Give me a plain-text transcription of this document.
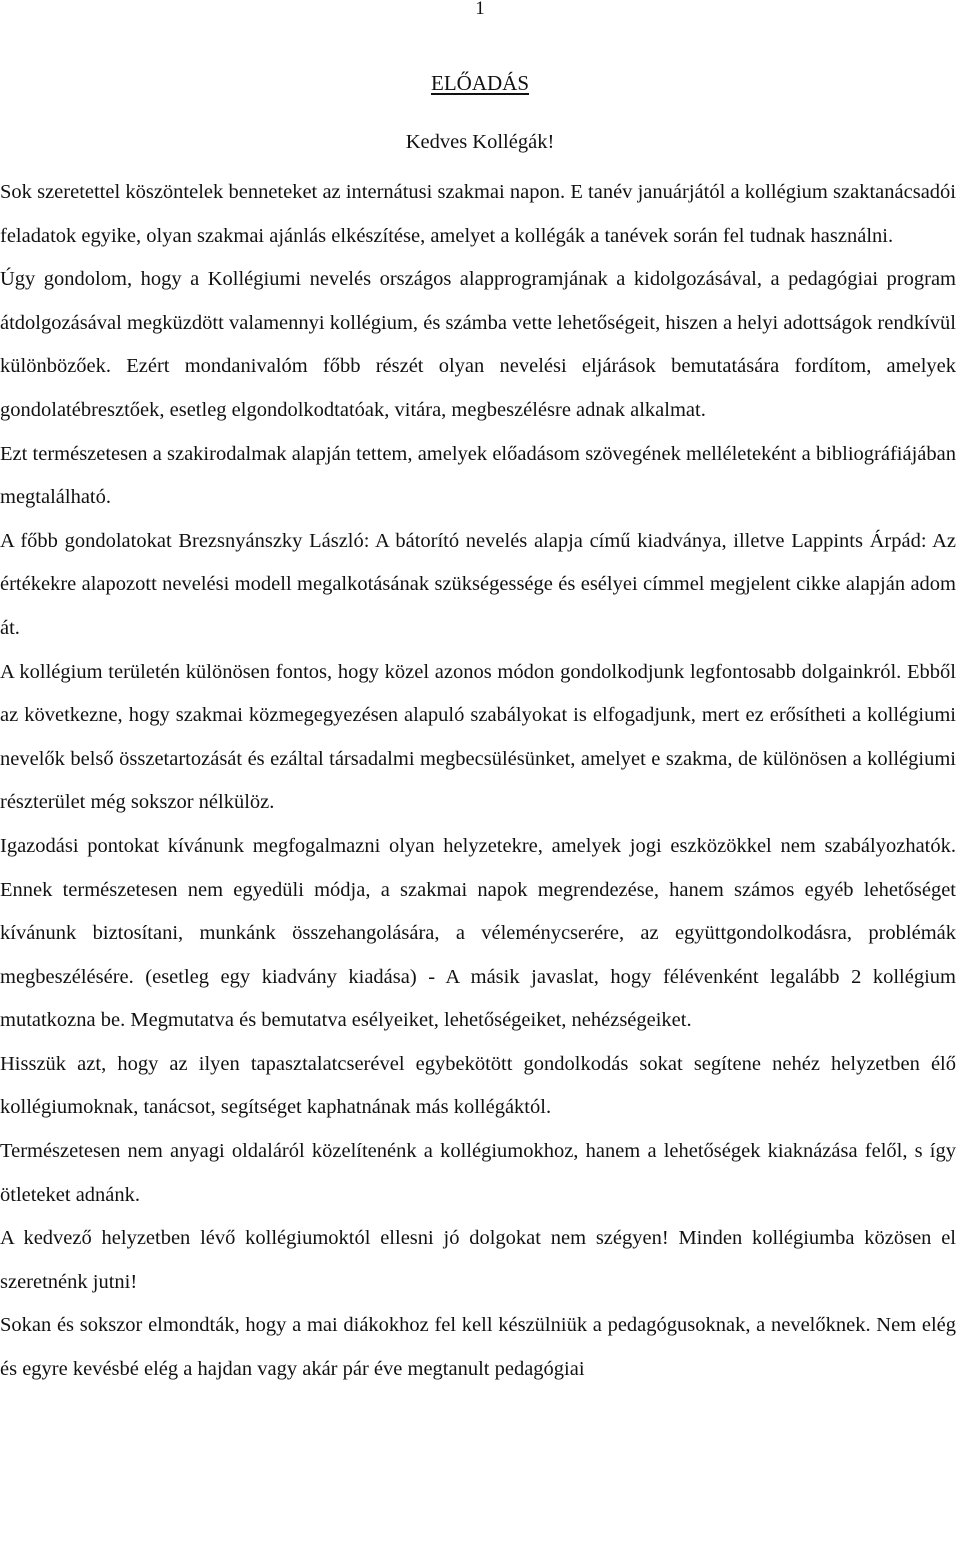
1
ELŐADÁS
Kedves Kollégák!

Sok szeretettel köszöntelek benneteket az internátusi szakmai napon. E tanév januárjától a kollégium szaktanácsadói feladatok egyike, olyan szakmai ajánlás elkészítése, amelyet a kollégák a tanévek során fel tudnak használni.

Úgy gondolom, hogy a Kollégiumi nevelés országos alapprogramjának a kidolgozásával, a pedagógiai program átdolgozásával megküzdött valamennyi kollégium, és számba vette lehetőségeit, hiszen a helyi adottságok rendkívül különbözőek. Ezért mondanivalóm főbb részét olyan nevelési eljárások bemutatására fordítom, amelyek gondolatébresztőek, esetleg elgondolkodtatóak, vitára, megbeszélésre adnak alkalmat.

Ezt természetesen a szakirodalmak alapján tettem, amelyek előadásom szövegének melléleteként a bibliográfiájában megtalálható.

A főbb gondolatokat Brezsnyánszky László: A bátorító nevelés alapja című kiadványa, illetve Lappints Árpád: Az értékekre alapozott nevelési modell megalkotásának szükségessége és esélyei címmel megjelent cikke alapján adom át.

A kollégium területén különösen fontos, hogy közel azonos módon gondolkodjunk legfontosabb dolgainkról. Ebből az következne, hogy szakmai közmegegyezésen alapuló szabályokat is elfogadjunk, mert ez erősítheti a kollégiumi nevelők belső összetartozását és ezáltal társadalmi megbecsülésünket, amelyet e szakma, de különösen a kollégiumi részterület még sokszor nélkülöz.

Igazodási pontokat kívánunk megfogalmazni olyan helyzetekre, amelyek jogi eszközökkel nem szabályozhatók. Ennek természetesen nem egyedüli módja, a szakmai napok megrendezése, hanem számos egyéb lehetőséget kívánunk biztosítani, munkánk összehangolására, a véleménycserére, az együttgondolkodásra, problémák megbeszélésére. (esetleg egy kiadvány kiadása) - A másik javaslat, hogy félévenként legalább 2 kollégium mutatkozna be. Megmutatva és bemutatva esélyeiket, lehetőségeiket, nehézségeiket.

Hisszük azt, hogy az ilyen tapasztalatcserével egybekötött gondolkodás sokat segítene nehéz helyzetben élő kollégiumoknak, tanácsot, segítséget kaphatnának más kollégáktól.

Természetesen nem anyagi oldaláról közelítenénk a kollégiumokhoz, hanem a lehetőségek kiaknázása felől, s így ötleteket adnánk.

A kedvező helyzetben lévő kollégiumoktól ellesni jó dolgokat nem szégyen! Minden kollégiumba közösen el szeretnénk jutni!

Sokan és sokszor elmondták, hogy a mai diákokhoz fel kell készülniük a pedagógusoknak, a nevelőknek. Nem elég és egyre kevésbé elég a hajdan vagy akár pár éve megtanult pedagógiai
